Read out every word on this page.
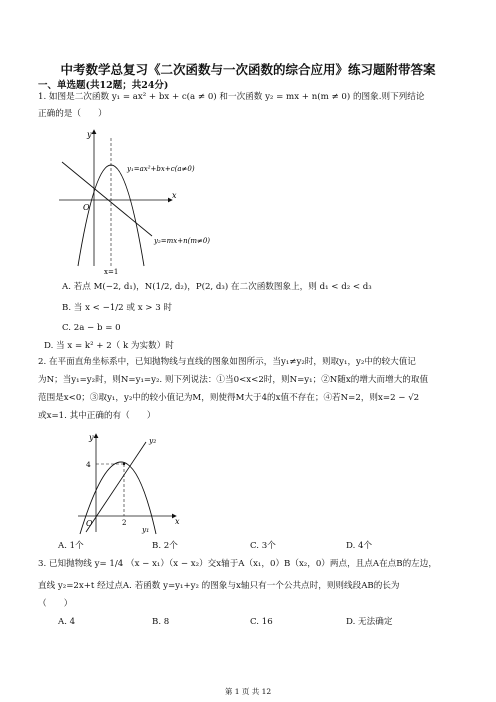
中考数学总复习《二次函数与一次函数的综合应用》练习题附带答案
一、单选题(共12题；共24分)
1. 如图是二次函数 y₁ = ax² + bx + c(a ≠ 0) 和一次函数 y₂ = mx + n(m ≠ 0) 的图象.则下列结论
正确的是（　　）
y
x
O
y₁=ax²+bx+c(a≠0)
y₂=mx+n(m≠0)
x=1
A. 若点 M(−2, d₁)，N(1/2, d₂)，P(2, d₃) 在二次函数图象上，则 d₁ < d₂ < d₃
B. 当 x < −1/2 或 x > 3 时
C. 2a − b = 0
D. 当 x = k² + 2（ k 为实数）时
2. 在平面直角坐标系中，已知抛物线与直线的图象如图所示，当y₁≠y₂时，则取y₁，y₂中的较大值记
为N；当y₁=y₂时，则N=y₁=y₂. 则下列说法：①当0<x<2时，则N=y₁；②N随x的增大而增大的取值
范围是x<0；③取y₁，y₂中的较小值记为M，则使得M大于4的x值不存在；④若N=2，则x=2 − √2
或x=1. 其中正确的有（　　）
y
x
O
4
2
y₂
y₁
A. 1个	B. 2个	C. 3个	D. 4个
3. 已知抛物线 y= 1/4 （x − x₁）（x − x₂）交x轴于A（x₁，0）B（x₂，0）两点，且点A在点B的左边，
直线 y₂=2x+t 经过点A. 若函数 y=y₁+y₂ 的图象与x轴只有一个公共点时，则则线段AB的长为
（　　）
A. 4	B. 8	C. 16	D. 无法确定
第 1 页 共 12
